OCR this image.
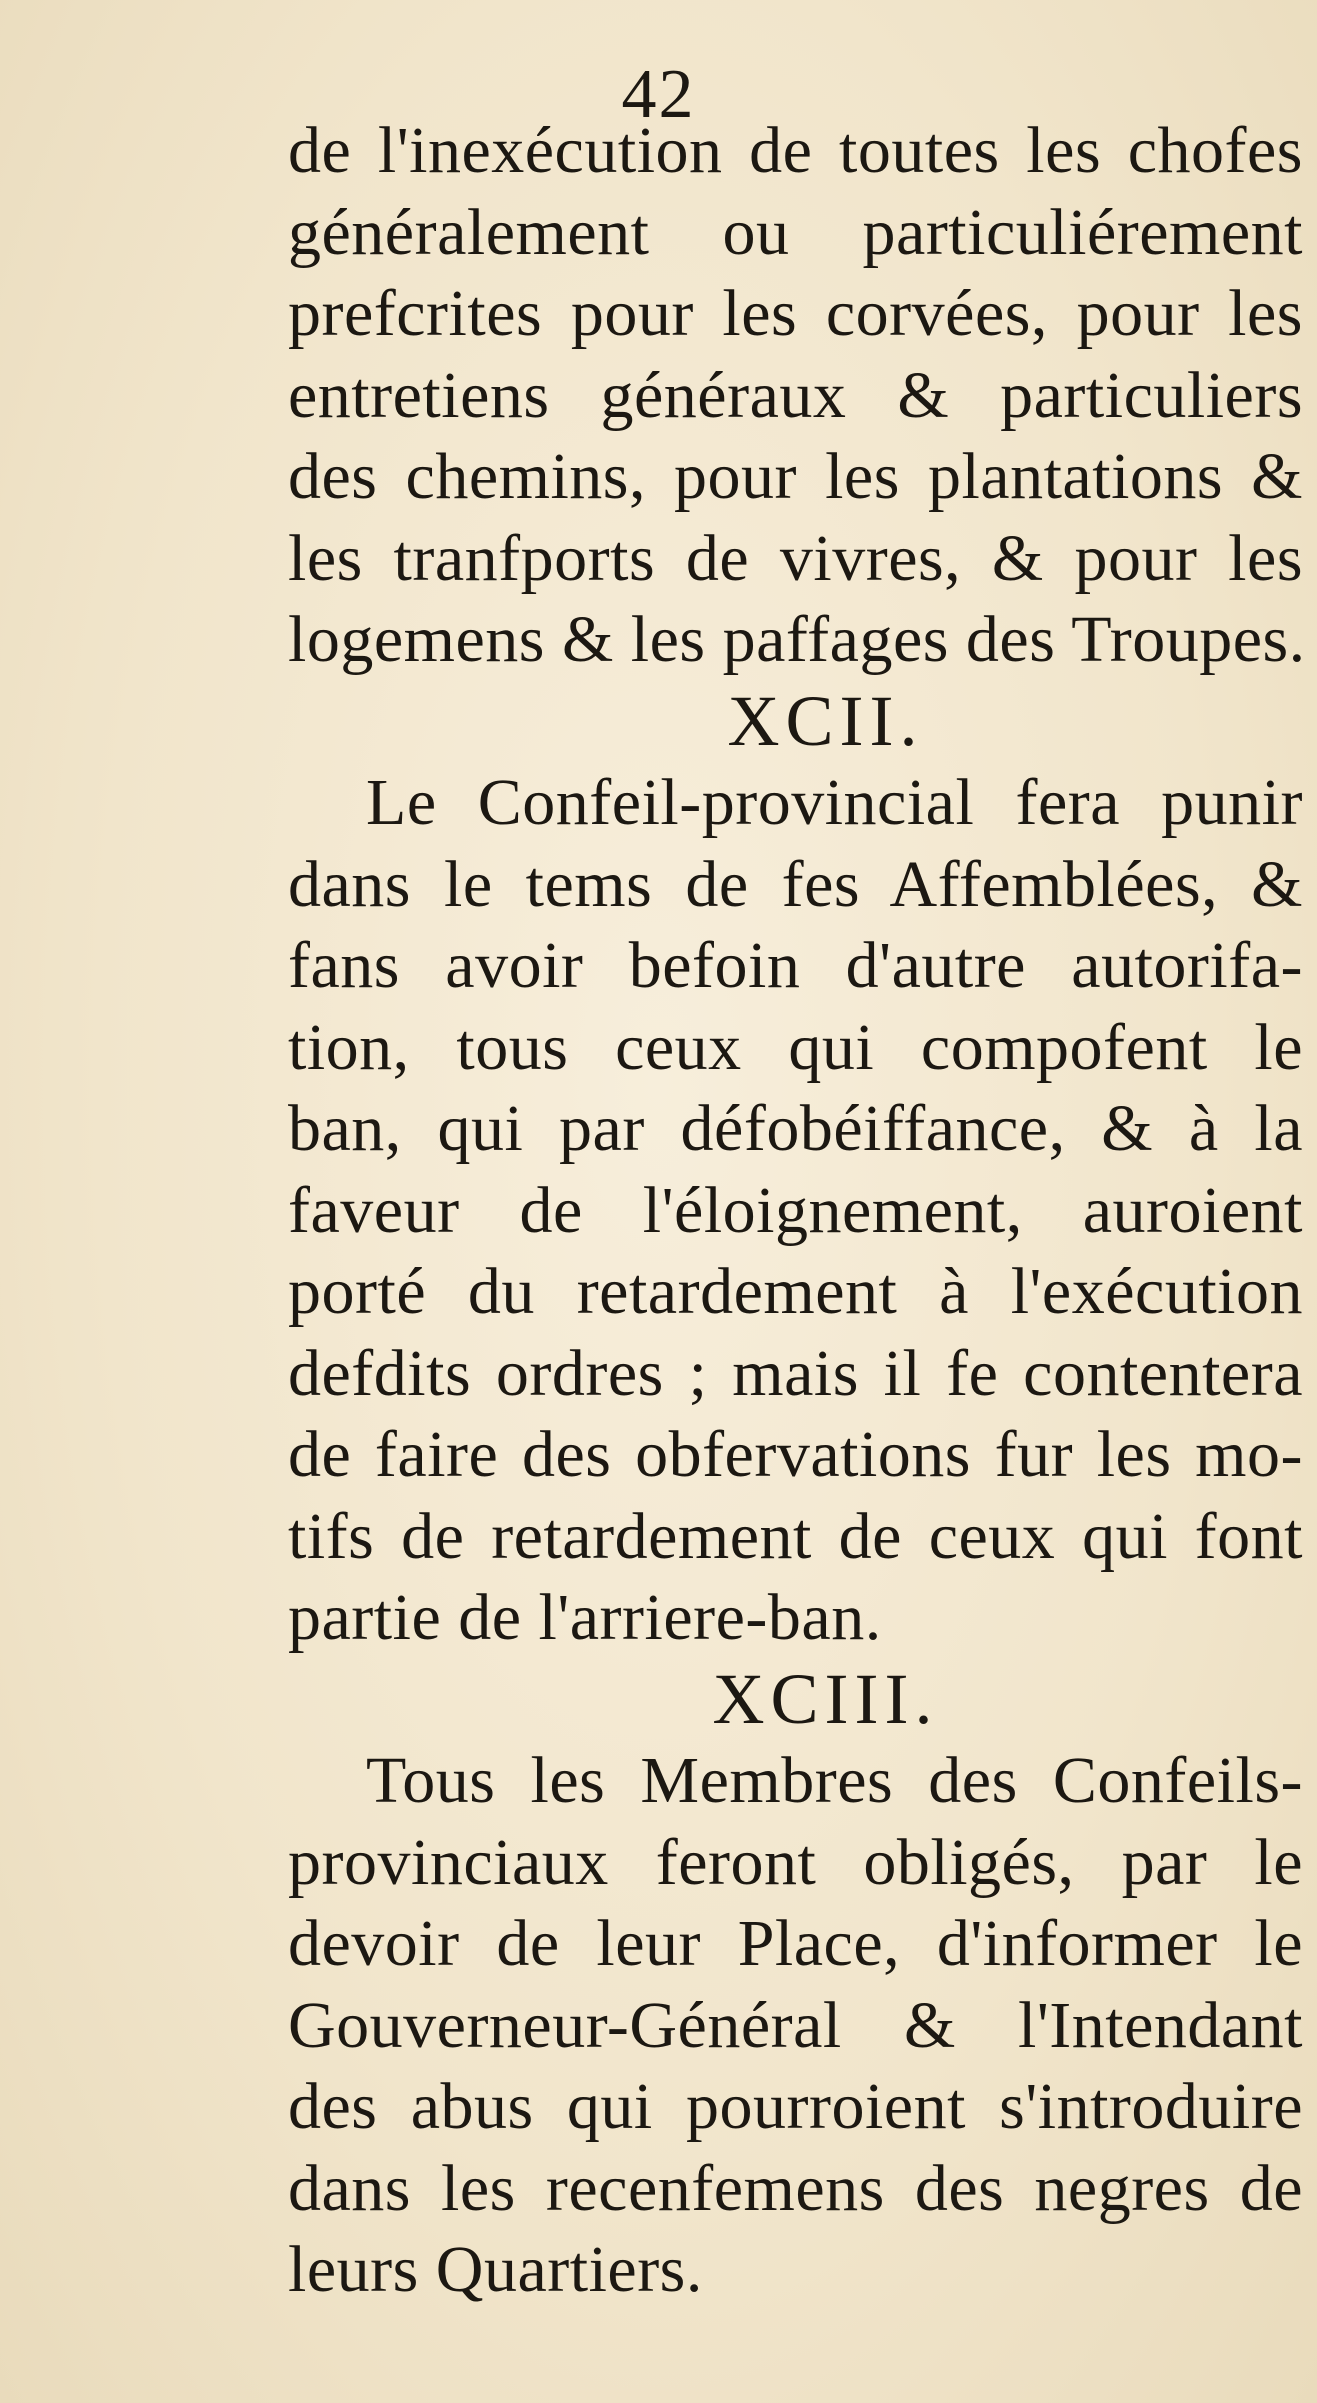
42
de l'inexécution de toutes les chofes
généralement ou particuliérement
prefcrites pour les corvées, pour les
entretiens généraux & particuliers
des chemins, pour les plantations &
les tranfports de vivres, & pour les
logemens & les paffages des Troupes.
XCII.
Le Confeil-provincial fera punir
dans le tems de fes Affemblées, &
fans avoir befoin d'autre autorifa-
tion, tous ceux qui compofent le
ban, qui par défobéiffance, & à la
faveur de l'éloignement, auroient
porté du retardement à l'exécution
defdits ordres ; mais il fe contentera
de faire des obfervations fur les mo-
tifs de retardement de ceux qui font
partie de l'arriere-ban.
XCIII.
Tous les Membres des Confeils-
provinciaux feront obligés, par le
devoir de leur Place, d'informer le
Gouverneur-Général & l'Intendant
des abus qui pourroient s'introduire
dans les recenfemens des negres de
leurs Quartiers.
